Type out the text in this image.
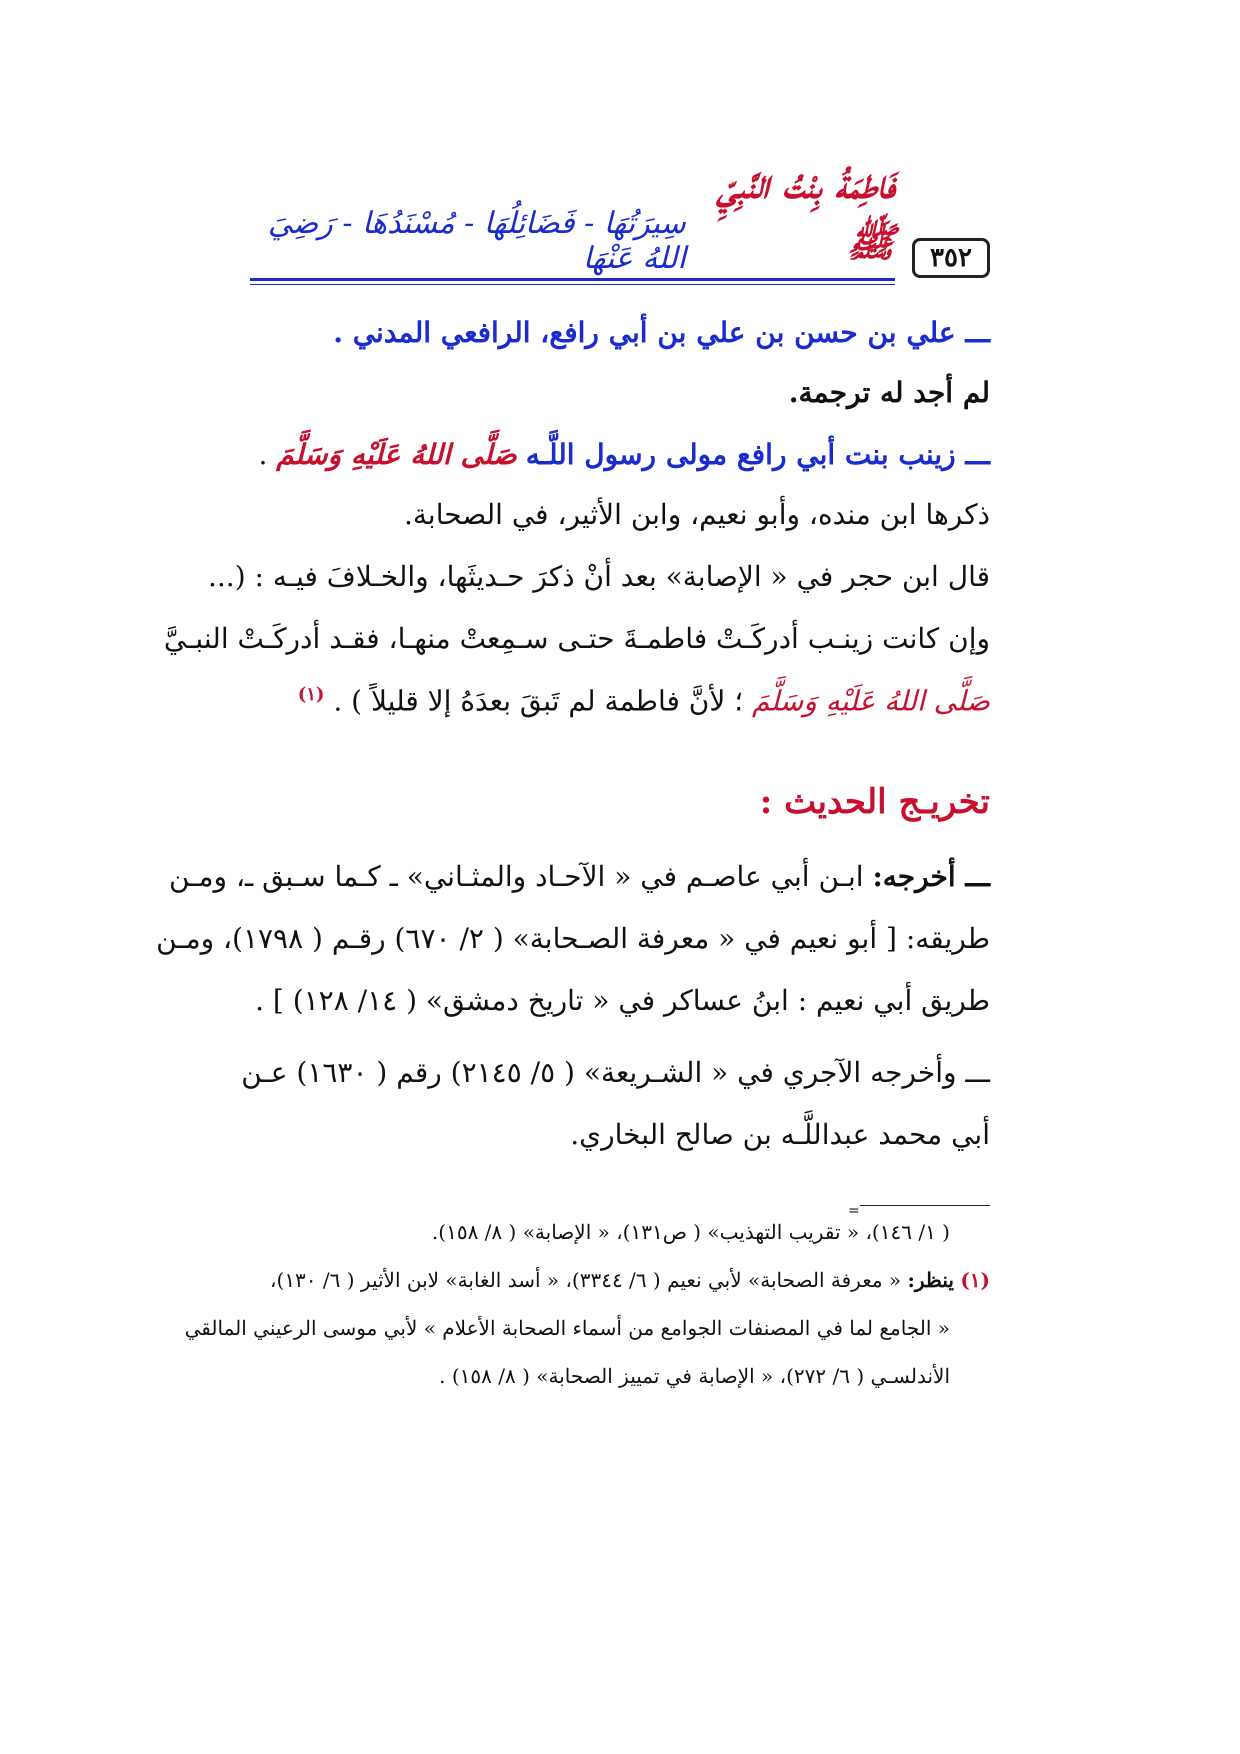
٣٥٢
فَاطِمَةُ بِنْتُ النَّبِيِّ ﷺ
سِيرَتُهَا - فَضَائِلُهَا - مُسْنَدُهَا - رَضِيَ اللهُ عَنْهَا
ـــ علي بن حسن بن علي بن أبي رافع، الرافعي المدني .
لم أجد له ترجمة.
ـــ زينب بنت أبي رافع مولى رسول اللَّـه صَلَّى اللهُ عَلَيْهِ وَسَلَّمَ .
ذكرها ابن منده، وأبو نعيم، وابن الأثير، في الصحابة.
قال ابن حجر في « الإصابة» بعد أنْ ذكرَ حـديثَها، والخـلافَ فيـه : (...
وإن كانت زينـب أدركَـتْ فاطمـةَ حتـى سـمِعتْ منهـا، فقـد أدركَـتْ النبـيَّ
صَلَّى اللهُ عَلَيْهِ وَسَلَّمَ ؛ لأنَّ فاطمة لم تَبقَ بعدَهُ إلا قليلاً ) . $^{(١)}$
تخريـج الحديث :
ـــ أخرجه: ابـن أبي عاصـم في « الآحـاد والمثـاني» ـ كـما سـبق ـ، ومـن
طريقه: [ أبو نعيم في « معرفة الصـحابة» ( ٢/ ٦٧٠) رقـم ( ١٧٩٨)، ومـن
طريق أبي نعيم : ابنُ عساكر في « تاريخ دمشق» ( ١٤/ ١٢٨) ] .
ـــ وأخرجه الآجري في « الشـريعة» ( ٥/ ٢١٤٥) رقم ( ١٦٣٠) عـن
أبي محمد عبداللَّـه بن صالح البخاري.
=
( ١/ ١٤٦)، « تقريب التهذيب» ( ص١٣١)، « الإصابة» ( ٨/ ١٥٨).
(١) ينظر: « معرفة الصحابة» لأبي نعيم ( ٦/ ٣٣٤٤)، « أسد الغابة» لابن الأثير ( ٦/ ١٣٠)،
« الجامع لما في المصنفات الجوامع من أسماء الصحابة الأعلام » لأبي موسى الرعيني المالقي
الأندلسـي ( ٦/ ٢٧٢)، « الإصابة في تمييز الصحابة» ( ٨/ ١٥٨) .
